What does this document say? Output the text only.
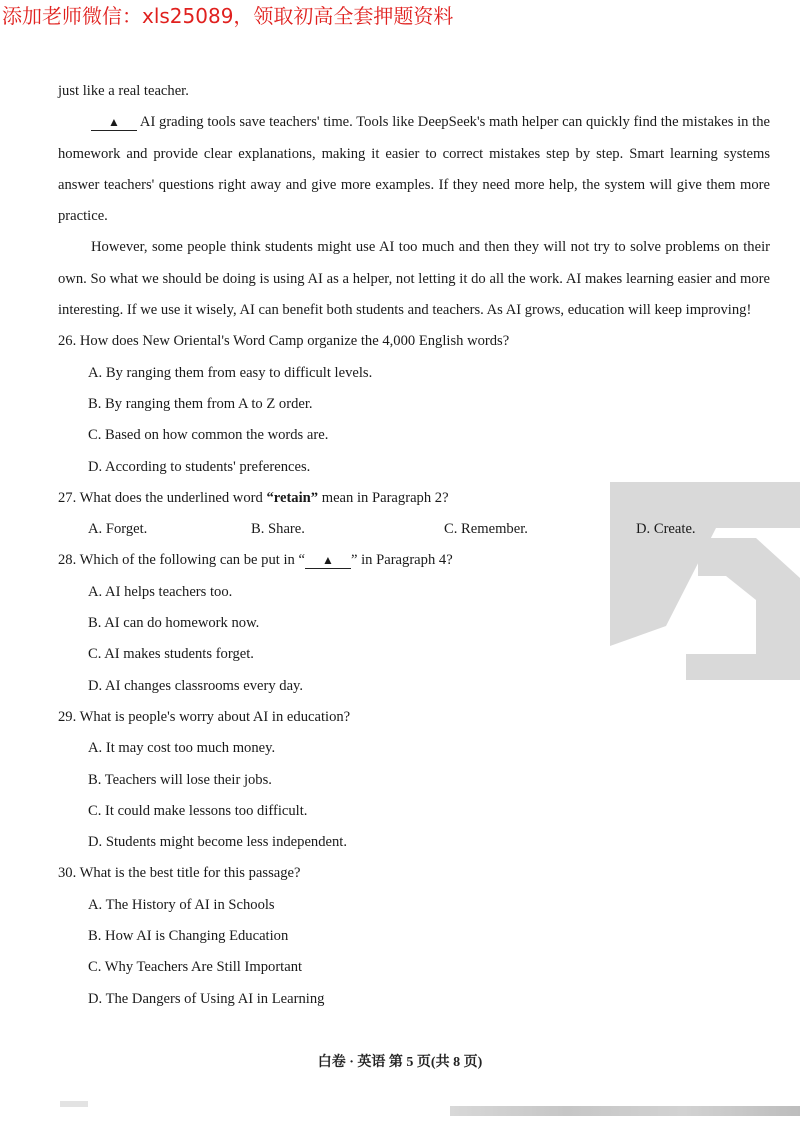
添加老师微信：xls25089，领取初高全套押题资料

just like a real teacher.

▲ AI grading tools save teachers' time. Tools like DeepSeek's math helper can quickly find the mistakes in the homework and provide clear explanations, making it easier to correct mistakes step by step. Smart learning systems answer teachers' questions right away and give more examples. If they need more help, the system will give them more practice.

However, some people think students might use AI too much and then they will not try to solve problems on their own. So what we should be doing is using AI as a helper, not letting it do all the work. AI makes learning easier and more interesting. If we use it wisely, AI can benefit both students and teachers. As AI grows, education will keep improving!

26. How does New Oriental's Word Camp organize the 4,000 English words?

A. By ranging them from easy to difficult levels.

B. By ranging them from A to Z order.

C. Based on how common the words are.

D. According to students' preferences.

27. What does the underlined word “retain” mean in Paragraph 2?

A. Forget.	B. Share.	C. Remember.	D. Create.

28. Which of the following can be put in “ ▲ ” in Paragraph 4?

A. AI helps teachers too.

B. AI can do homework now.

C. AI makes students forget.

D. AI changes classrooms every day.

29. What is people's worry about AI in education?

A. It may cost too much money.

B. Teachers will lose their jobs.

C. It could make lessons too difficult.

D. Students might become less independent.

30. What is the best title for this passage?

A. The History of AI in Schools

B. How AI is Changing Education

C. Why Teachers Are Still Important

D. The Dangers of Using AI in Learning

白卷 · 英语 第 5 页(共 8 页)
